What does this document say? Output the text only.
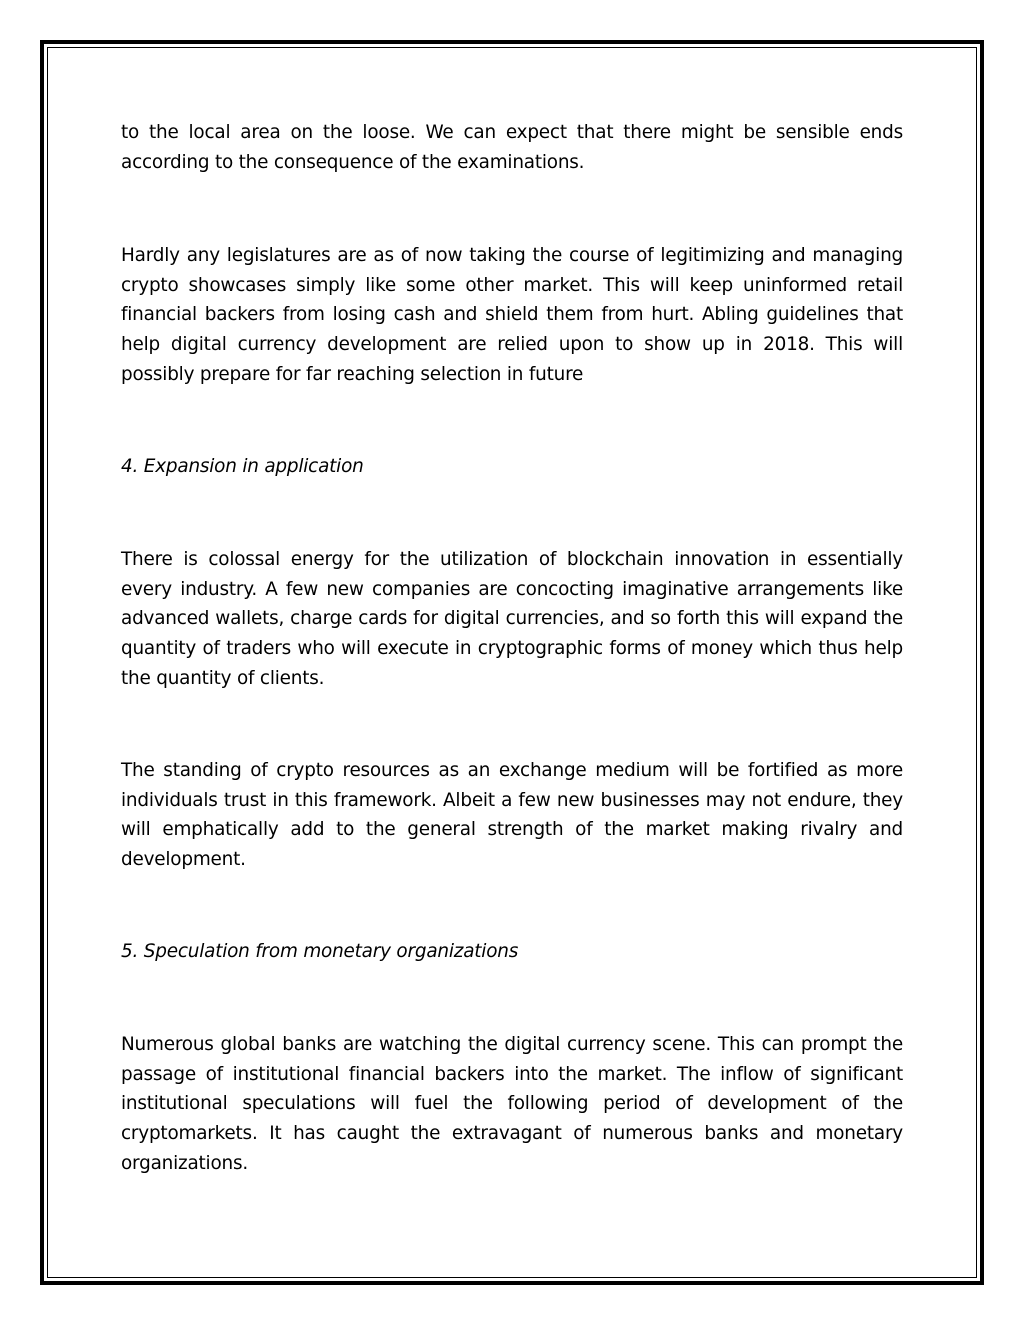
to the local area on the loose. We can expect that there might be sensible ends according to the consequence of the examinations.

Hardly any legislatures are as of now taking the course of legitimizing and managing crypto showcases simply like some other market. This will keep uninformed retail financial backers from losing cash and shield them from hurt. Abling guidelines that help digital currency development are relied upon to show up in 2018. This will possibly prepare for far reaching selection in future

4. Expansion in application

There is colossal energy for the utilization of blockchain innovation in essentially every industry. A few new companies are concocting imaginative arrangements like advanced wallets, charge cards for digital currencies, and so forth this will expand the quantity of traders who will execute in cryptographic forms of money which thus help the quantity of clients.

The standing of crypto resources as an exchange medium will be fortified as more individuals trust in this framework. Albeit a few new businesses may not endure, they will emphatically add to the general strength of the market making rivalry and development.

5. Speculation from monetary organizations

Numerous global banks are watching the digital currency scene. This can prompt the passage of institutional financial backers into the market. The inflow of significant institutional speculations will fuel the following period of development of the cryptomarkets. It has caught the extravagant of numerous banks and monetary organizations.
